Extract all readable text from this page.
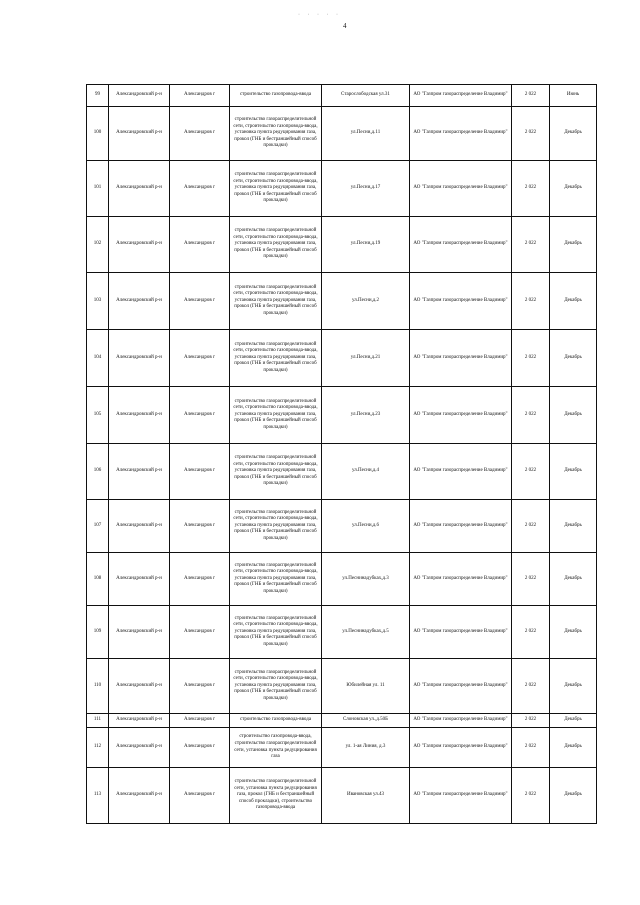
· · · · ·
4
99	Александровский р-н	Александров г	строительство газопровода-ввода	Старослободская ул.31	АО "Газпром газораспределение Владимир"	2 022	Июнь
100	Александровский р-н	Александров г	строительство газораспределительной сети, строительство газопровода-ввода, установка пункта редуцирования газа, прокол (ГНБ и бестраншейный способ прокладки)	ул.Песни,д.11	АО "Газпром газораспределение Владимир"	2 022	Декабрь
101	Александровский р-н	Александров г	строительство газораспределительной сети, строительство газопровода-ввода, установка пункта редуцирования газа, прокол (ГНБ и бестраншейный способ прокладки)	ул.Песни,д.17	АО "Газпром газораспределение Владимир"	2 022	Декабрь
102	Александровский р-н	Александров г	строительство газораспределительной сети, строительство газопровода-ввода, установка пункта редуцирования газа, прокол (ГНБ и бестраншейный способ прокладки)	ул.Песни,д.19	АО "Газпром газораспределение Владимир"	2 022	Декабрь
103	Александровский р-н	Александров г	строительство газораспределительной сети, строительство газопровода-ввода, установка пункта редуцирования газа, прокол (ГНБ и бестраншейный способ прокладки)	ул.Песни,д.2	АО "Газпром газораспределение Владимир"	2 022	Декабрь
104	Александровский р-н	Александров г	строительство газораспределительной сети, строительство газопровода-ввода, установка пункта редуцирования газа, прокол (ГНБ и бестраншейный способ прокладки)	ул.Песни,д.21	АО "Газпром газораспределение Владимир"	2 022	Декабрь
105	Александровский р-н	Александров г	строительство газораспределительной сети, строительство газопровода-ввода, установка пункта редуцирования газа, прокол (ГНБ и бестраншейный способ прокладки)	ул.Песни,д.23	АО "Газпром газораспределение Владимир"	2 022	Декабрь
106	Александровский р-н	Александров г	строительство газораспределительной сети, строительство газопровода-ввода, установка пункта редуцирования газа, прокол (ГНБ и бестраншейный способ прокладки)	ул.Песни,д.4	АО "Газпром газораспределение Владимир"	2 022	Декабрь
107	Александровский р-н	Александров г	строительство газораспределительной сети, строительство газопровода-ввода, установка пункта редуцирования газа, прокол (ГНБ и бестраншейный способ прокладки)	ул.Песни,д.6	АО "Газпром газораспределение Владимир"	2 022	Декабрь
108	Александровский р-н	Александров г	строительство газораспределительной сети, строительство газопровода-ввода, установка пункта редуцирования газа, прокол (ГНБ и бестраншейный способ прокладки)	ул.Песнинадубках,д.3	АО "Газпром газораспределение Владимир"	2 022	Декабрь
109	Александровский р-н	Александров г	строительство газораспределительной сети, строительство газопровода-ввода, установка пункта редуцирования газа, прокол (ГНБ и бестраншейный способ прокладки)	ул.Песнинадубках,д.5	АО "Газпром газораспределение Владимир"	2 022	Декабрь
110	Александровский р-н	Александров г	строительство газораспределительной сети, строительство газопровода-ввода, установка пункта редуцирования газа, прокол (ГНБ и бестраншейный способ прокладки)	Юбилейная ул. 11	АО "Газпром газораспределение Владимир"	2 022	Декабрь
111	Александровский р-н	Александров г	строительство газопровода-ввода	Слоновская ул.,д.50Б	АО "Газпром газораспределение Владимир"	2 022	Декабрь
112	Александровский р-н	Александров г	строительство газопровода-ввода, строительство газораспределительной сети, установка пункта редуцирования газа	ул. 1-ая Линия, д.3	АО "Газпром газораспределение Владимир"	2 022	Декабрь
113	Александровский р-н	Александров г	строительство газораспределительной сети, установка пункта редуцирования газа, прокол (ГНБ и бестраншейный способ прокладки), строительство газопровода-ввода	Ивановская ул.43	АО "Газпром газораспределение Владимир"	2 022	Декабрь
